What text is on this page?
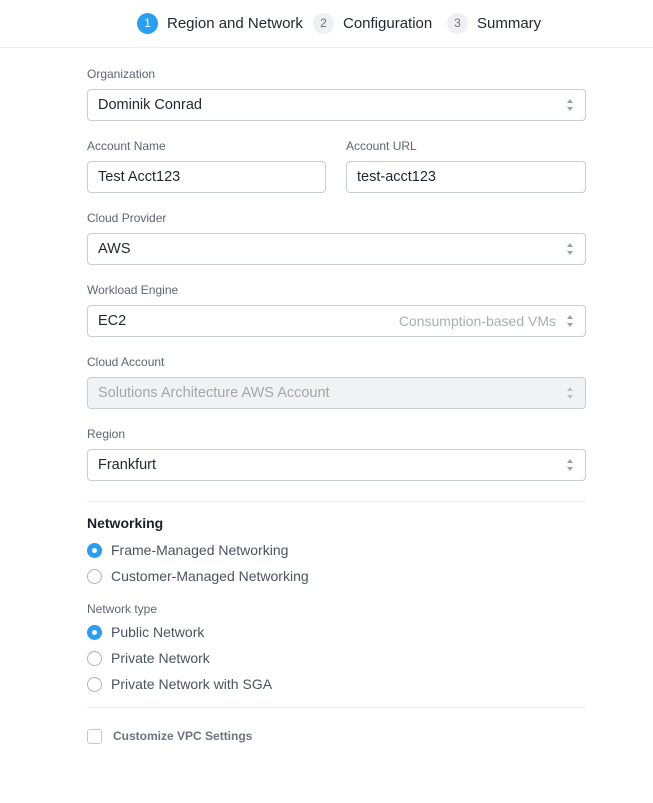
1	Region and Network	2	Configuration	3	Summary
Organization
Dominik Conrad
Account Name	Account URL
Test Acct123	test-acct123
Cloud Provider
AWS
Workload Engine
EC2	Consumption-based VMs
Cloud Account
Solutions Architecture AWS Account
Region
Frankfurt
Networking
Frame-Managed Networking
Customer-Managed Networking
Network type
Public Network
Private Network
Private Network with SGA
Customize VPC Settings
